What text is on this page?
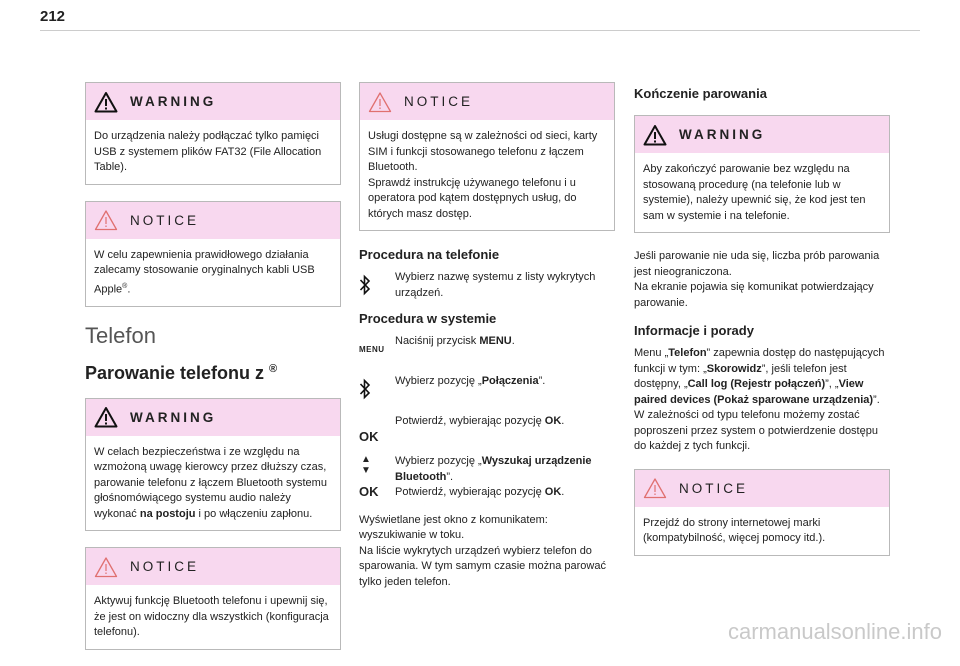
212
WARNING
Do urządzenia należy podłączać tylko pamięci USB z systemem plików FAT32 (File Allocation Table).
NOTICE
W celu zapewnienia prawidłowego działania zalecamy stosowanie oryginalnych kabli USB Apple®.
Telefon
Parowanie telefonu z ®
WARNING
W celach bezpieczeństwa i ze względu na wzmożoną uwagę kierowcy przez dłuższy czas, parowanie telefonu z łączem Bluetooth systemu głośnomówiącego systemu audio należy wykonać na postoju i po włączeniu zapłonu.
NOTICE
Aktywuj funkcję Bluetooth telefonu i upewnij się, że jest on widoczny dla wszystkich (konfiguracja telefonu).
NOTICE
Usługi dostępne są w zależności od sieci, karty SIM i funkcji stosowanego telefonu z łączem Bluetooth.
Sprawdź instrukcję używanego telefonu i u operatora pod kątem dostępnych usług, do których masz dostęp.
Procedura na telefonie
Wybierz nazwę systemu z listy wykrytych urządzeń.
Procedura w systemie
MENU
Naciśnij przycisk MENU.
Wybierz pozycję „Połączenia”.
OK
Potwierdź, wybierając pozycję OK.
▲
▼
OK
Wybierz pozycję „Wyszukaj urządzenie Bluetooth”.
Potwierdź, wybierając pozycję OK.
Wyświetlane jest okno z komunikatem: wyszukiwanie w toku.
Na liście wykrytych urządzeń wybierz telefon do sparowania. W tym samym czasie można parować tylko jeden telefon.
Kończenie parowania
WARNING
Aby zakończyć parowanie bez względu na stosowaną procedurę (na telefonie lub w systemie), należy upewnić się, że kod jest ten sam w systemie i na telefonie.
Jeśli parowanie nie uda się, liczba prób parowania jest nieograniczona.
Na ekranie pojawia się komunikat potwierdzający parowanie.
Informacje i porady
Menu „Telefon” zapewnia dostęp do następujących funkcji w tym: „Skorowidz”, jeśli telefon jest dostępny, „Call log (Rejestr połączeń)”, „View paired devices (Pokaż sparowane urządzenia)”.
W zależności od typu telefonu możemy zostać poproszeni przez system o potwierdzenie dostępu do każdej z tych funkcji.
NOTICE
Przejdź do strony internetowej marki (kompatybilność, więcej pomocy itd.).
carmanualsonline.info
